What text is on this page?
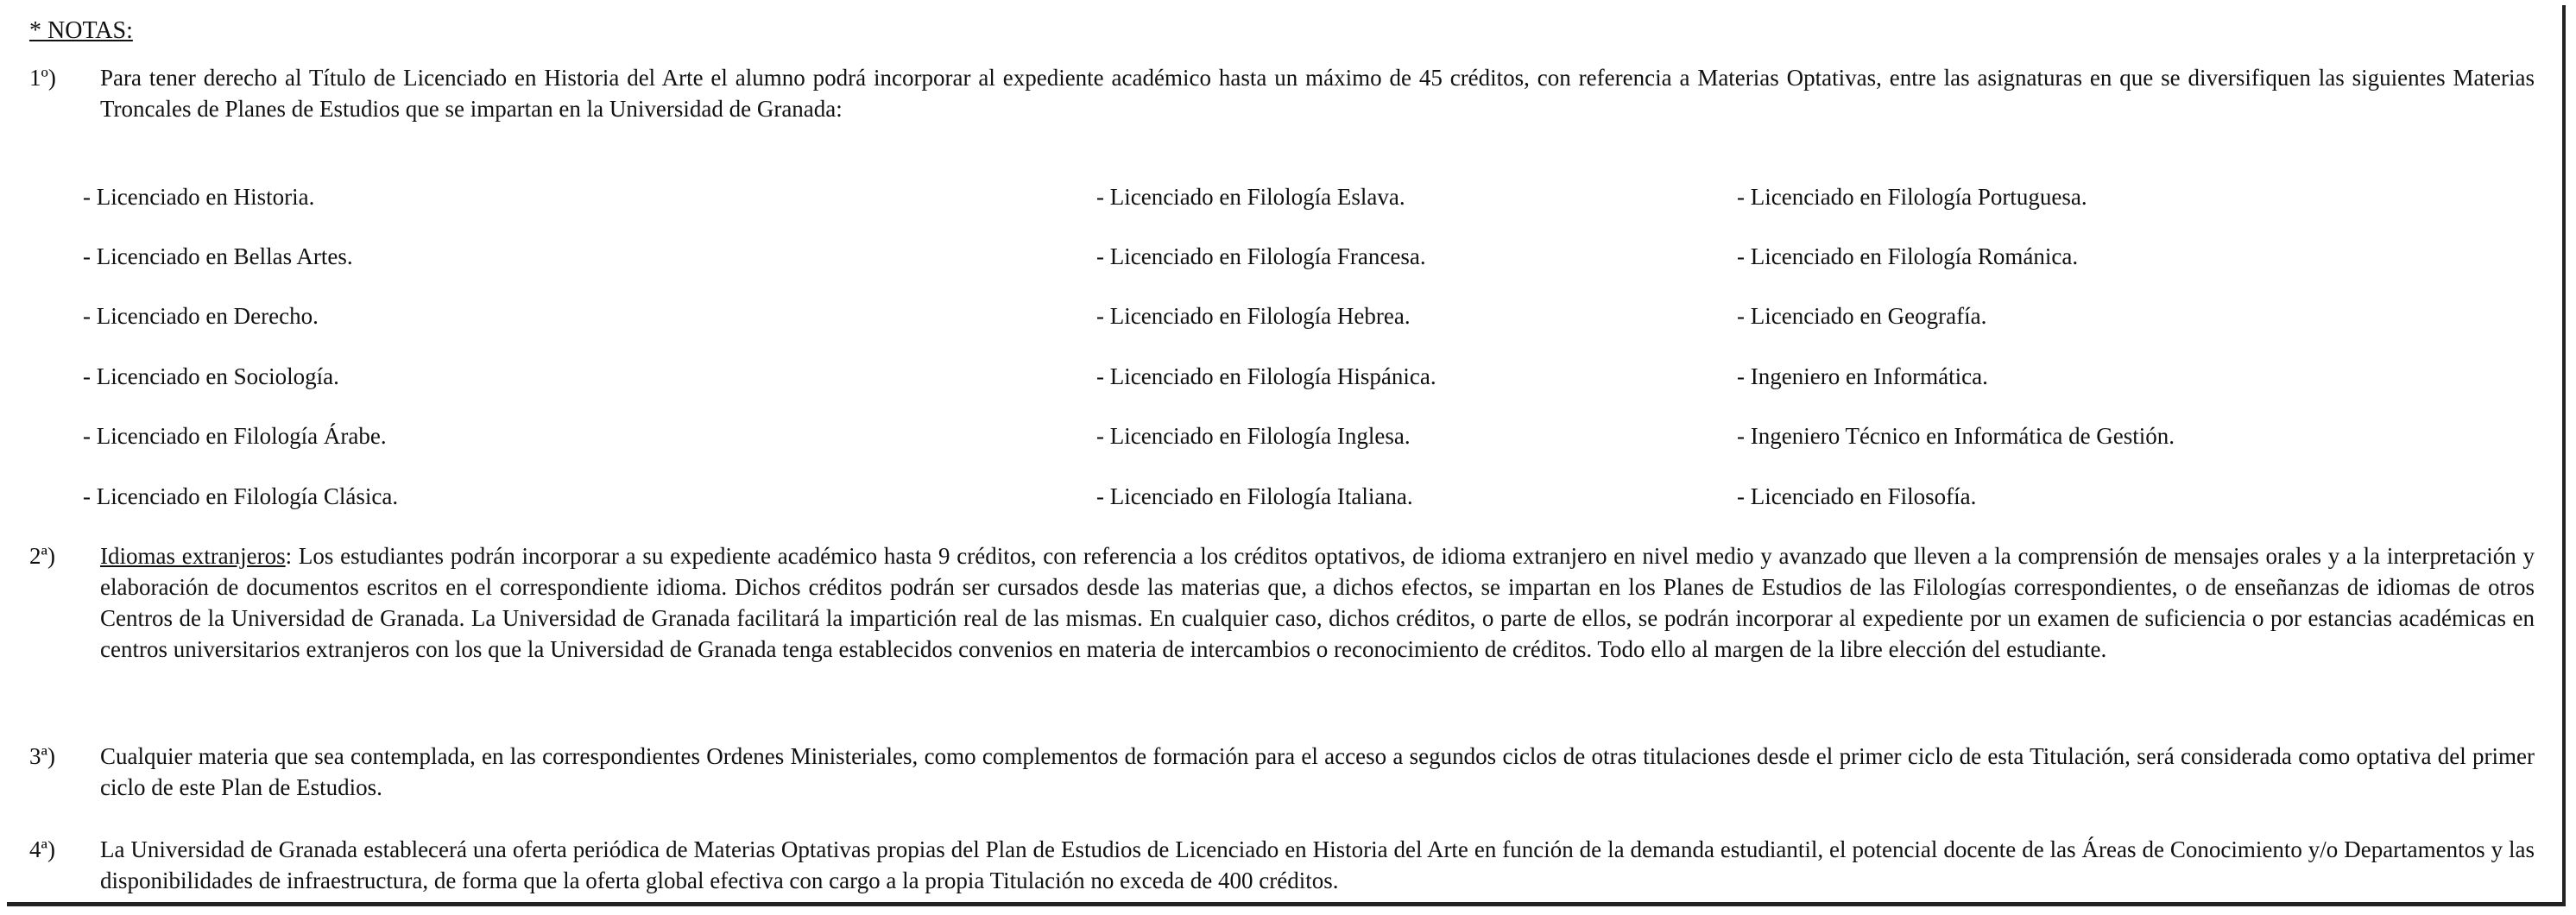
* NOTAS:
1º) Para tener derecho al Título de Licenciado en Historia del Arte el alumno podrá incorporar al expediente académico hasta un máximo de 45 créditos, con referencia a Materias Optativas, entre las asignaturas en que se diversifiquen las siguientes Materias Troncales de Planes de Estudios que se impartan en la Universidad de Granada:
- Licenciado en Historia.
- Licenciado en Bellas Artes.
- Licenciado en Derecho.
- Licenciado en Sociología.
- Licenciado en Filología Árabe.
- Licenciado en Filología Clásica.
- Licenciado en Filología Eslava.
- Licenciado en Filología Francesa.
- Licenciado en Filología Hebrea.
- Licenciado en Filología Hispánica.
- Licenciado en Filología Inglesa.
- Licenciado en Filología Italiana.
- Licenciado en Filología Portuguesa.
- Licenciado en Filología Románica.
- Licenciado en Geografía.
- Ingeniero en Informática.
- Ingeniero Técnico en Informática de Gestión.
- Licenciado en Filosofía.
2ª) Idiomas extranjeros: Los estudiantes podrán incorporar a su expediente académico hasta 9 créditos, con referencia a los créditos optativos, de idioma extranjero en nivel medio y avanzado que lleven a la comprensión de mensajes orales y a la interpretación y elaboración de documentos escritos en el correspondiente idioma. Dichos créditos podrán ser cursados desde las materias que, a dichos efectos, se impartan en los Planes de Estudios de las Filologías correspondientes, o de enseñanzas de idiomas de otros Centros de la Universidad de Granada. La Universidad de Granada facilitará la impartición real de las mismas. En cualquier caso, dichos créditos, o parte de ellos, se podrán incorporar al expediente por un examen de suficiencia o por estancias académicas en centros universitarios extranjeros con los que la Universidad de Granada tenga establecidos convenios en materia de intercambios o reconocimiento de créditos. Todo ello al margen de la libre elección del estudiante.
3ª) Cualquier materia que sea contemplada, en las correspondientes Ordenes Ministeriales, como complementos de formación para el acceso a segundos ciclos de otras titulaciones desde el primer ciclo de esta Titulación, será considerada como optativa del primer ciclo de este Plan de Estudios.
4ª) La Universidad de Granada establecerá una oferta periódica de Materias Optativas propias del Plan de Estudios de Licenciado en Historia del Arte en función de la demanda estudiantil, el potencial docente de las Áreas de Conocimiento y/o Departamentos y las disponibilidades de infraestructura, de forma que la oferta global efectiva con cargo a la propia Titulación no exceda de 400 créditos.
